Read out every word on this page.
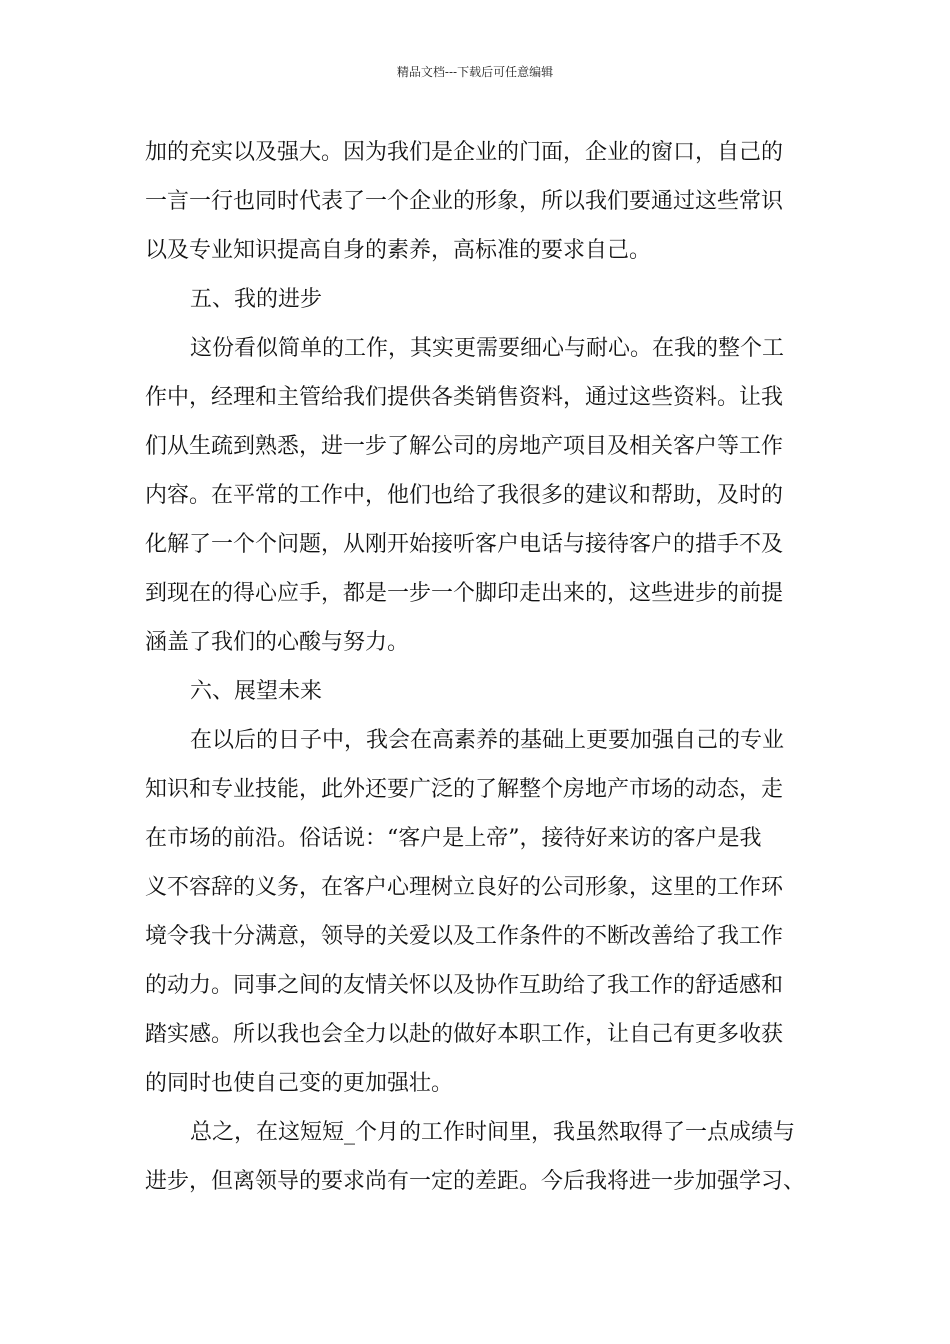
精品文档---下载后可任意编辑
加的充实以及强大。因为我们是企业的门面，企业的窗口，自己的
一言一行也同时代表了一个企业的形象，所以我们要通过这些常识
以及专业知识提高自身的素养，高标准的要求自己。
五、我的进步
这份看似简单的工作，其实更需要细心与耐心。在我的整个工
作中，经理和主管给我们提供各类销售资料，通过这些资料。让我
们从生疏到熟悉，进一步了解公司的房地产项目及相关客户等工作
内容。在平常的工作中，他们也给了我很多的建议和帮助，及时的
化解了一个个问题，从刚开始接听客户电话与接待客户的措手不及
到现在的得心应手，都是一步一个脚印走出来的，这些进步的前提
涵盖了我们的心酸与努力。
六、展望未来
在以后的日子中，我会在高素养的基础上更要加强自己的专业
知识和专业技能，此外还要广泛的了解整个房地产市场的动态，走
在市场的前沿。俗话说：“客户是上帝”，接待好来访的客户是我
义不容辞的义务，在客户心理树立良好的公司形象，这里的工作环
境令我十分满意，领导的关爱以及工作条件的不断改善给了我工作
的动力。同事之间的友情关怀以及协作互助给了我工作的舒适感和
踏实感。所以我也会全力以赴的做好本职工作，让自己有更多收获
的同时也使自己变的更加强壮。
总之，在这短短_个月的工作时间里，我虽然取得了一点成绩与
进步，但离领导的要求尚有一定的差距。今后我将进一步加强学习、
